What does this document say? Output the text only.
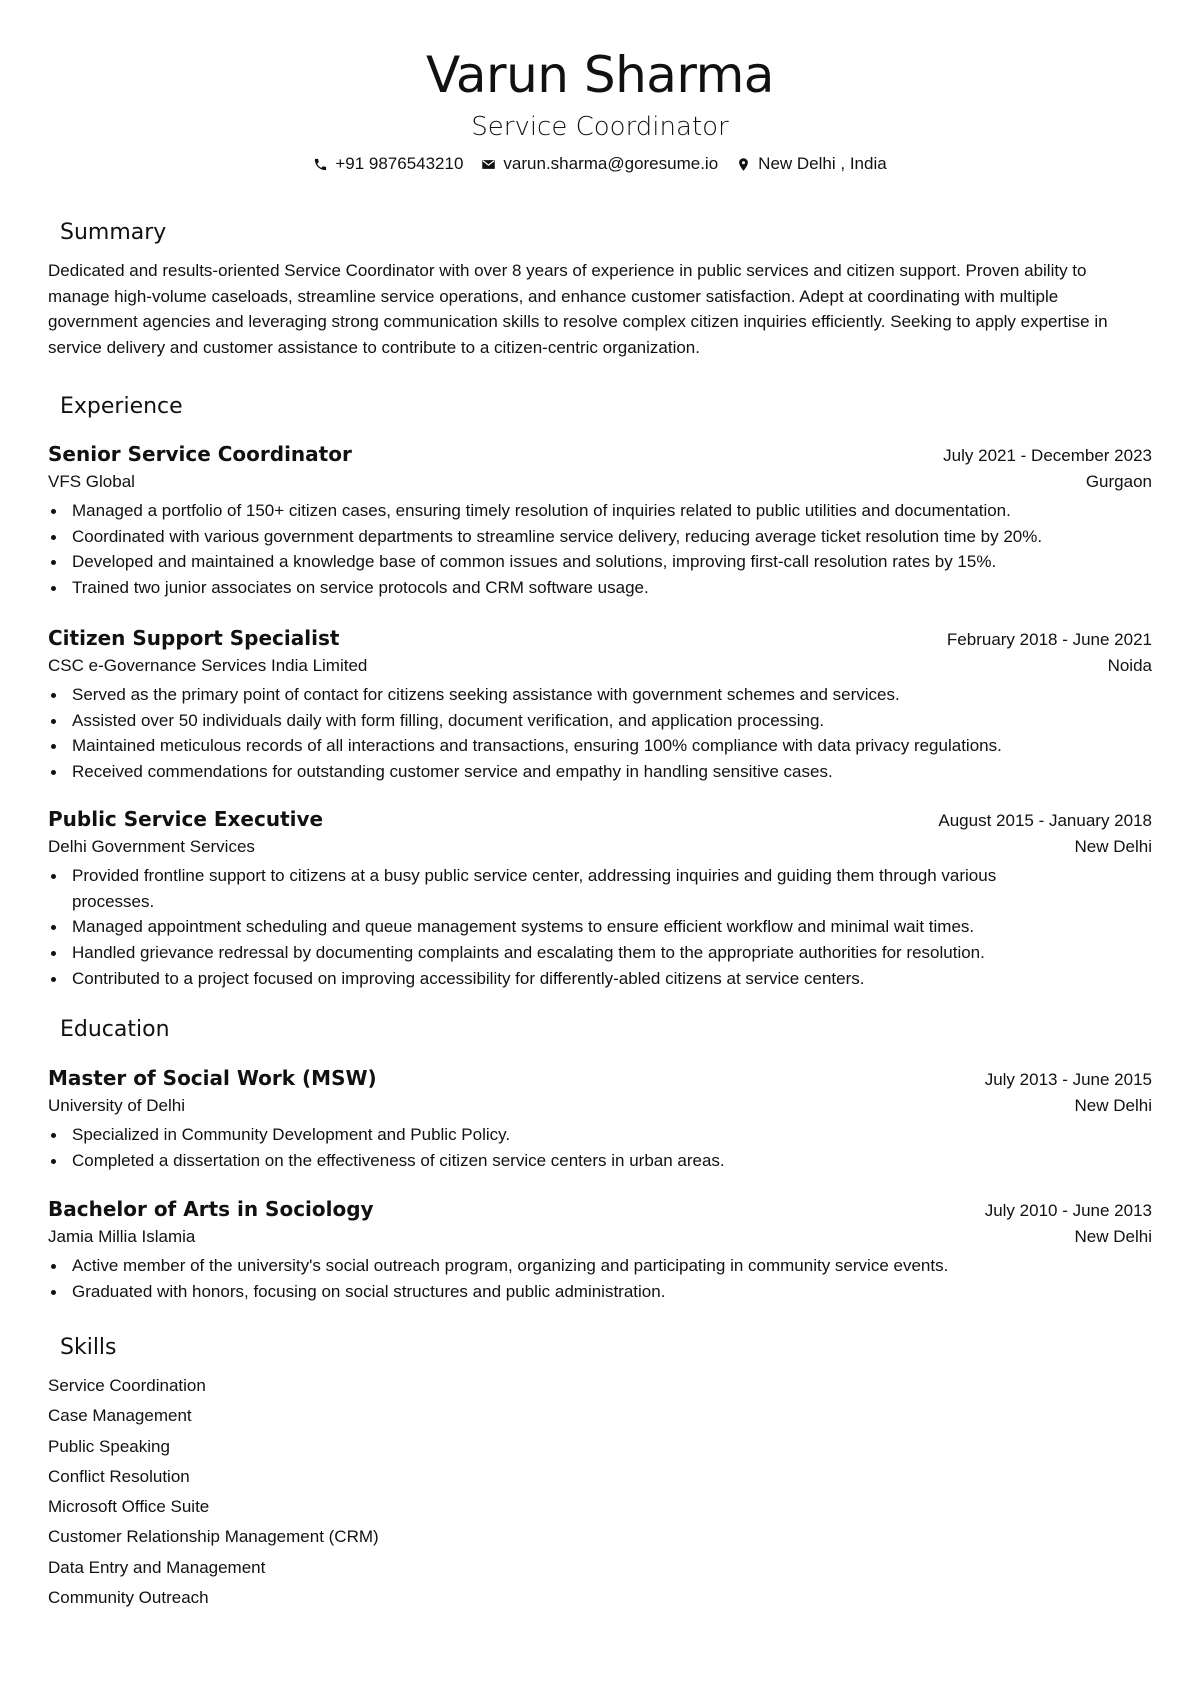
Varun Sharma
Service Coordinator
+91 9876543210 varun.sharma@goresume.io New Delhi , India
Summary
Dedicated and results-oriented Service Coordinator with over 8 years of experience in public services and citizen support. Proven ability to manage high-volume caseloads, streamline service operations, and enhance customer satisfaction. Adept at coordinating with multiple government agencies and leveraging strong communication skills to resolve complex citizen inquiries efficiently. Seeking to apply expertise in service delivery and customer assistance to contribute to a citizen-centric organization.
Experience
Senior Service Coordinator	July 2021 - December 2023
VFS Global	Gurgaon
Managed a portfolio of 150+ citizen cases, ensuring timely resolution of inquiries related to public utilities and documentation.
Coordinated with various government departments to streamline service delivery, reducing average ticket resolution time by 20%.
Developed and maintained a knowledge base of common issues and solutions, improving first-call resolution rates by 15%.
Trained two junior associates on service protocols and CRM software usage.
Citizen Support Specialist	February 2018 - June 2021
CSC e-Governance Services India Limited	Noida
Served as the primary point of contact for citizens seeking assistance with government schemes and services.
Assisted over 50 individuals daily with form filling, document verification, and application processing.
Maintained meticulous records of all interactions and transactions, ensuring 100% compliance with data privacy regulations.
Received commendations for outstanding customer service and empathy in handling sensitive cases.
Public Service Executive	August 2015 - January 2018
Delhi Government Services	New Delhi
Provided frontline support to citizens at a busy public service center, addressing inquiries and guiding them through various processes.
Managed appointment scheduling and queue management systems to ensure efficient workflow and minimal wait times.
Handled grievance redressal by documenting complaints and escalating them to the appropriate authorities for resolution.
Contributed to a project focused on improving accessibility for differently-abled citizens at service centers.
Education
Master of Social Work (MSW)	July 2013 - June 2015
University of Delhi	New Delhi
Specialized in Community Development and Public Policy.
Completed a dissertation on the effectiveness of citizen service centers in urban areas.
Bachelor of Arts in Sociology	July 2010 - June 2013
Jamia Millia Islamia	New Delhi
Active member of the university's social outreach program, organizing and participating in community service events.
Graduated with honors, focusing on social structures and public administration.
Skills
Service Coordination
Case Management
Public Speaking
Conflict Resolution
Microsoft Office Suite
Customer Relationship Management (CRM)
Data Entry and Management
Community Outreach
